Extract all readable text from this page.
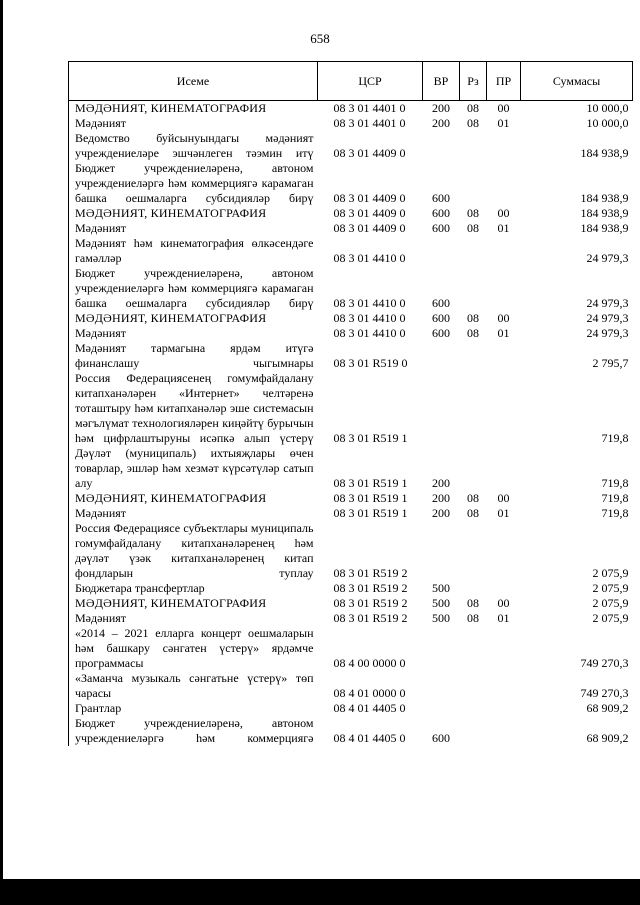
658
Исеме	ЦСР	ВР	Рз	ПР	Суммасы
МӘДӘНИЯТ, КИНЕМАТОГРАФИЯ	08 3 01 4401 0	200	08	00	10 000,0
Мәдәният	08 3 01 4401 0	200	08	01	10 000,0
Ведомство буйсынуындагы мәдәният учреждениеләре эшчәнлеген тәэмин итү	08 3 01 4409 0				184 938,9
Бюджет учреждениеләренә, автоном учреждениеләргә һәм коммерциягә карамаган башка оешмаларга субсидияләр бирү	08 3 01 4409 0	600			184 938,9
МӘДӘНИЯТ, КИНЕМАТОГРАФИЯ	08 3 01 4409 0	600	08	00	184 938,9
Мәдәният	08 3 01 4409 0	600	08	01	184 938,9
Мәдәният һәм кинематография өлкәсендәге гамәлләр	08 3 01 4410 0				24 979,3
Бюджет учреждениеләренә, автоном учреждениеләргә һәм коммерциягә карамаган башка оешмаларга субсидияләр бирү	08 3 01 4410 0	600			24 979,3
МӘДӘНИЯТ, КИНЕМАТОГРАФИЯ	08 3 01 4410 0	600	08	00	24 979,3
Мәдәният	08 3 01 4410 0	600	08	01	24 979,3
Мәдәният тармагына ярдәм итүгә финанслашу чыгымнары	08 3 01 R519 0				2 795,7
Россия Федерациясенең гомумфайдалану китапханәләрен «Интернет» челтәренә тоташтыру һәм китапханәләр эше системасын мәгълүмат технологияләрен киңәйтү бурычын һәм цифрлаштыруны исәпкә алып үстерү	08 3 01 R519 1				719,8
Дәүләт (муниципаль) ихтыяҗлары өчен товарлар, эшләр һәм хезмәт күрсәтүләр сатып алу	08 3 01 R519 1	200			719,8
МӘДӘНИЯТ, КИНЕМАТОГРАФИЯ	08 3 01 R519 1	200	08	00	719,8
Мәдәният	08 3 01 R519 1	200	08	01	719,8
Россия Федерациясе субъектлары муниципаль гомумфайдалану китапханәләренең һәм дәүләт үзәк китапханәләренең китап фондларын туплау	08 3 01 R519 2				2 075,9
Бюджетара трансфертлар	08 3 01 R519 2	500			2 075,9
МӘДӘНИЯТ, КИНЕМАТОГРАФИЯ	08 3 01 R519 2	500	08	00	2 075,9
Мәдәният	08 3 01 R519 2	500	08	01	2 075,9
«2014 – 2021 елларга концерт оешмаларын һәм башкару сәнгатен үстерү» ярдәмче программасы	08 4 00 0000 0				749 270,3
«Заманча музыкаль сәнгатьне үстерү» төп чарасы	08 4 01 0000 0				749 270,3
Грантлар	08 4 01 4405 0				68 909,2
Бюджет учреждениеләренә, автоном учреждениеләргә һәм коммерциягә	08 4 01 4405 0	600			68 909,2
